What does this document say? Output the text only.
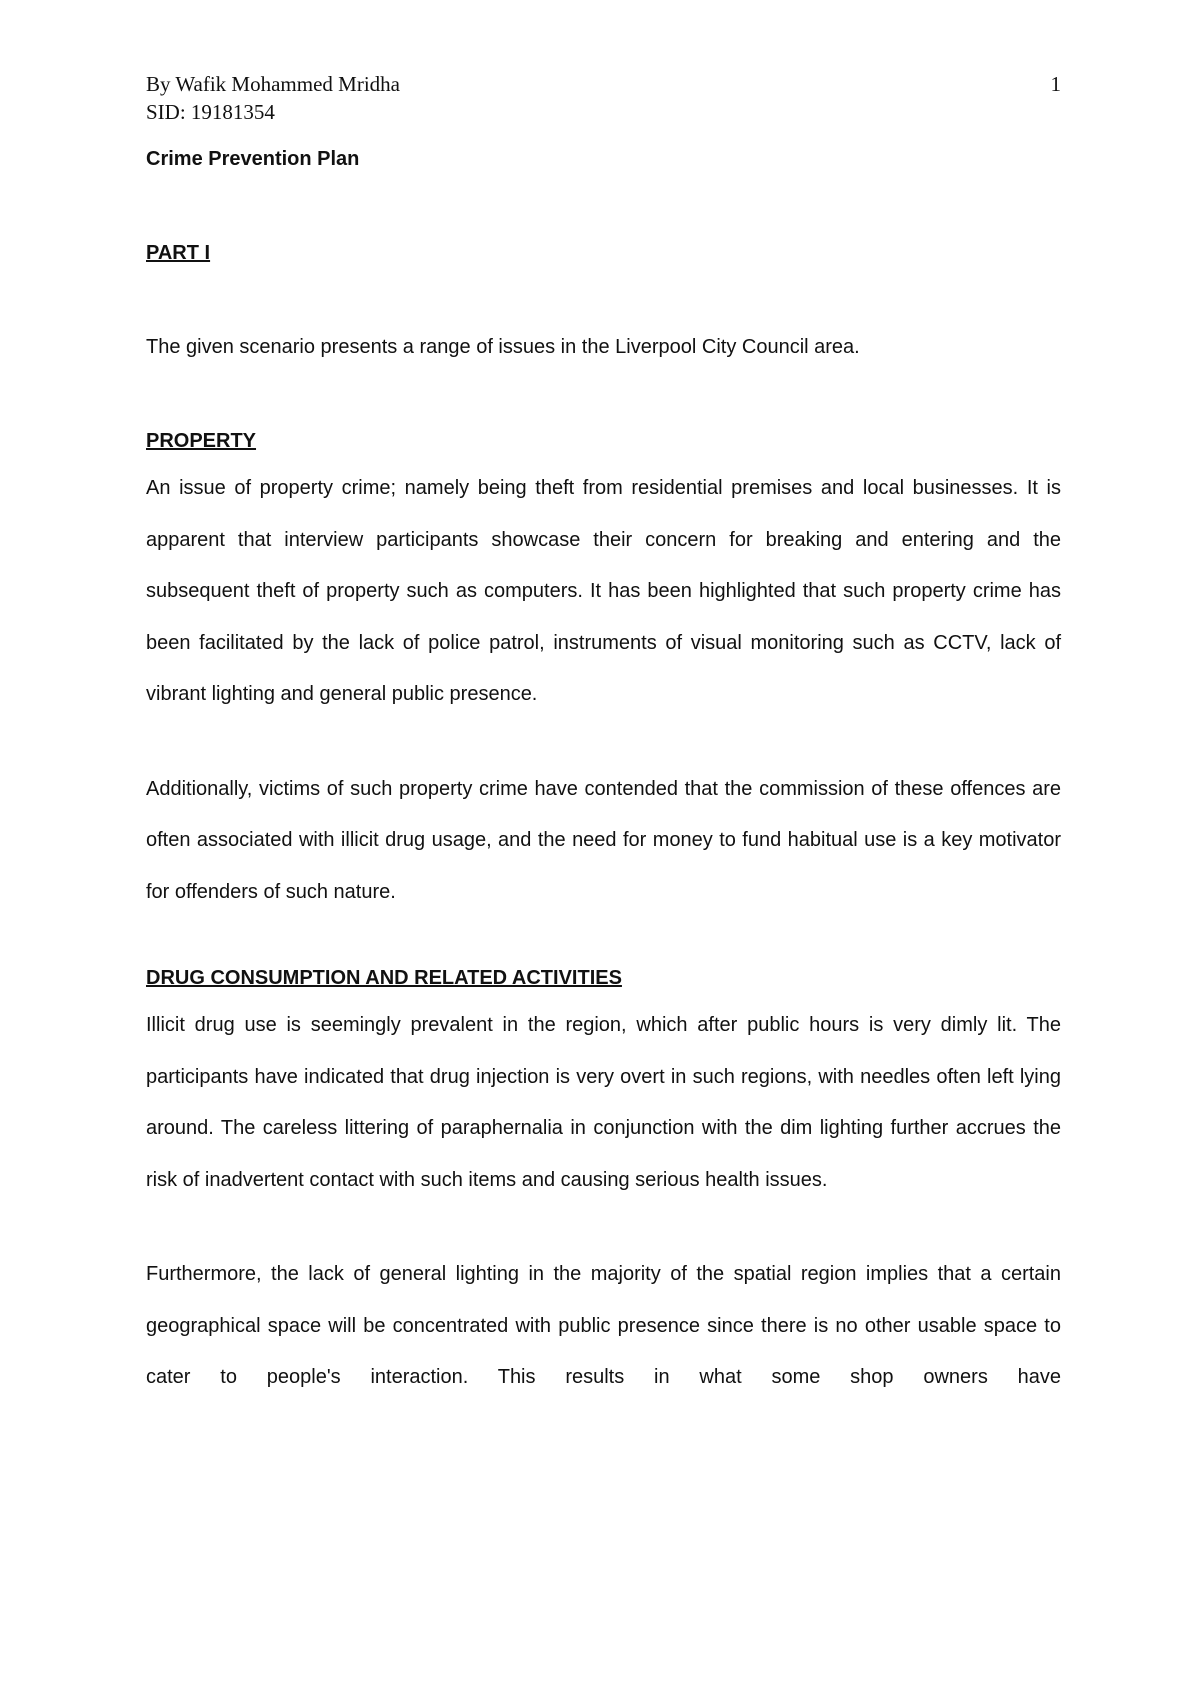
By Wafik Mohammed Mridha
SID: 19181354
1

Crime Prevention Plan

PART I

The given scenario presents a range of issues in the Liverpool City Council area.

PROPERTY

An issue of property crime; namely being theft from residential premises and local businesses. It is apparent that interview participants showcase their concern for breaking and entering and the subsequent theft of property such as computers. It has been highlighted that such property crime has been facilitated by the lack of police patrol, instruments of visual monitoring such as CCTV, lack of vibrant lighting and general public presence.

Additionally, victims of such property crime have contended that the commission of these offences are often associated with illicit drug usage, and the need for money to fund habitual use is a key motivator for offenders of such nature.

DRUG CONSUMPTION AND RELATED ACTIVITIES

Illicit drug use is seemingly prevalent in the region, which after public hours is very dimly lit. The participants have indicated that drug injection is very overt in such regions, with needles often left lying around. The careless littering of paraphernalia in conjunction with the dim lighting further accrues the risk of inadvertent contact with such items and causing serious health issues.

Furthermore, the lack of general lighting in the majority of the spatial region implies that a certain geographical space will be concentrated with public presence since there is no other usable space to cater to people's interaction. This results in what some shop owners have
